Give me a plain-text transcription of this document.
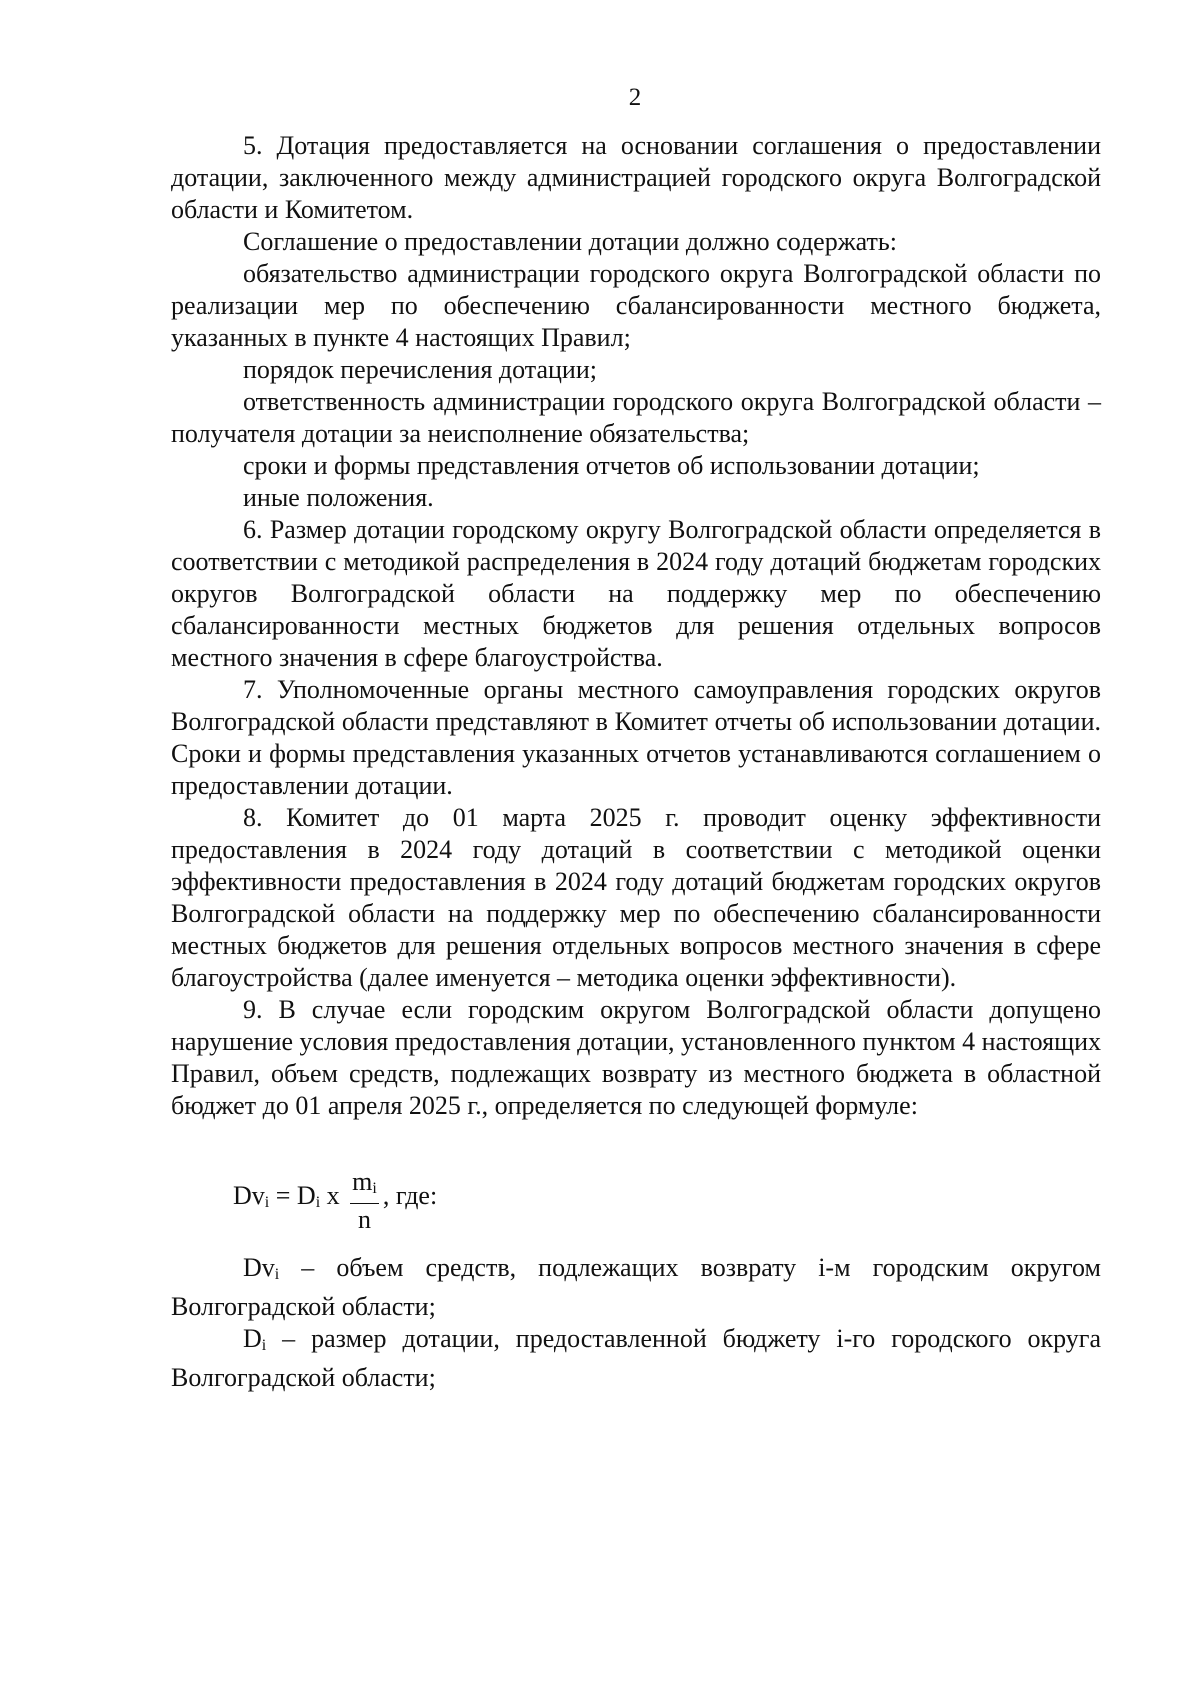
2

5. Дотация предоставляется на основании соглашения о предоставлении дотации, заключенного между администрацией городского округа Волгоградской области и Комитетом.

Соглашение о предоставлении дотации должно содержать:

обязательство администрации городского округа Волгоградской области по реализации мер по обеспечению сбалансированности местного бюджета, указанных в пункте 4 настоящих Правил;

порядок перечисления дотации;

ответственность администрации городского округа Волгоградской области – получателя дотации за неисполнение обязательства;

сроки и формы представления отчетов об использовании дотации;

иные положения.

6. Размер дотации городскому округу Волгоградской области определяется в соответствии с методикой распределения в 2024 году дотаций бюджетам городских округов Волгоградской области на поддержку мер по обеспечению сбалансированности местных бюджетов для решения отдельных вопросов местного значения в сфере благоустройства.

7. Уполномоченные органы местного самоуправления городских округов Волгоградской области представляют в Комитет отчеты об использовании дотации. Сроки и формы представления указанных отчетов устанавливаются соглашением о предоставлении дотации.

8. Комитет до 01 марта 2025 г. проводит оценку эффективности предоставления в 2024 году дотаций в соответствии с методикой оценки эффективности предоставления в 2024 году дотаций бюджетам городских округов Волгоградской области на поддержку мер по обеспечению сбалансированности местных бюджетов для решения отдельных вопросов местного значения в сфере благоустройства (далее именуется – методика оценки эффективности).

9. В случае если городским округом Волгоградской области допущено нарушение условия предоставления дотации, установленного пунктом 4 настоящих Правил, объем средств, подлежащих возврату из местного бюджета в областной бюджет до 01 апреля 2025 г., определяется по следующей формуле:

$Dv_i = D_i$ x $\frac{m_i}{n}$ , где:

$Dv_i$ – объем средств, подлежащих возврату i-м городским округом Волгоградской области;

$D_i$ – размер дотации, предоставленной бюджету i-го городского округа Волгоградской области;
